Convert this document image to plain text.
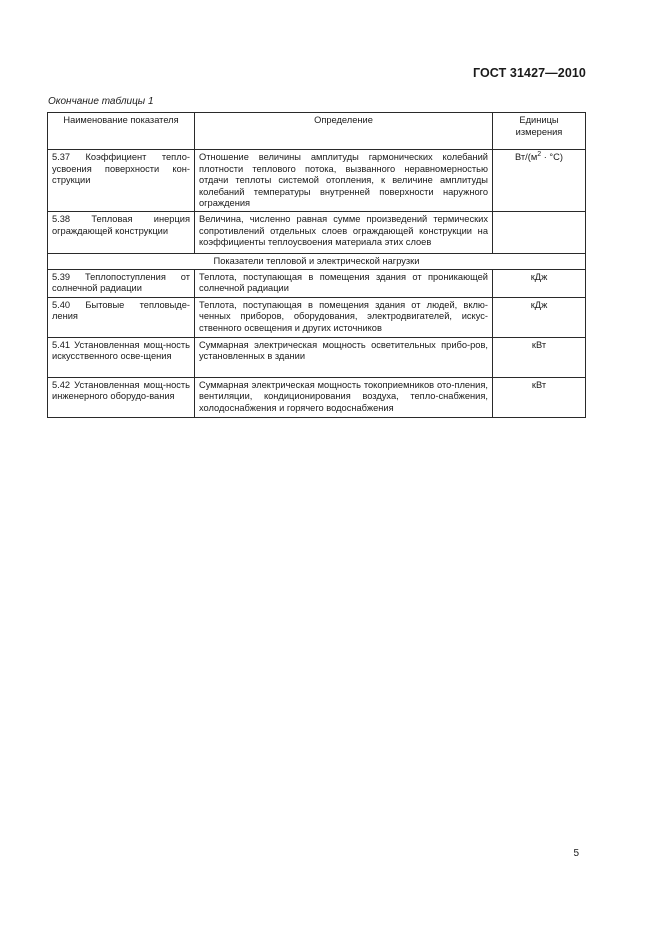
ГОСТ 31427—2010
Окончание таблицы 1
Наименование показателя	Определение	Единицы измерения
5.37 Коэффициент тепло-усвоения поверхности кон-струкции	Отношение величины амплитуды гармонических колебаний плотности теплового потока, вызванного неравномерностью отдачи теплоты системой отопления, к величине амплитуды колебаний температуры внутренней поверхности наружного ограждения	$Вт/(м^2 \cdot ^\circ С)$
5.38 Тепловая инерция ограждающей конструкции	Величина, численно равная сумме произведений термических сопротивлений отдельных слоев ограждающей конструкции на коэффициенты теплоусвоения материала этих слоев	
Показатели тепловой и электрической нагрузки		
5.39 Теплопоступления от солнечной радиации	Теплота, поступающая в помещения здания от проникающей солнечной радиации	кДж
5.40 Бытовые тепловыде-ления	Теплота, поступающая в помещения здания от людей, вклю-ченных приборов, оборудования, электродвигателей, искус-ственного освещения и других источников	кДж
5.41 Установленная мощ-ность искусственного осве-щения	Суммарная электрическая мощность осветительных прибо-ров, установленных в здании	кВт
5.42 Установленная мощ-ность инженерного оборудо-вания	Суммарная электрическая мощность токоприемников ото-пления, вентиляции, кондиционирования воздуха, тепло-снабжения, холодоснабжения и горячего водоснабжения	кВт
5
